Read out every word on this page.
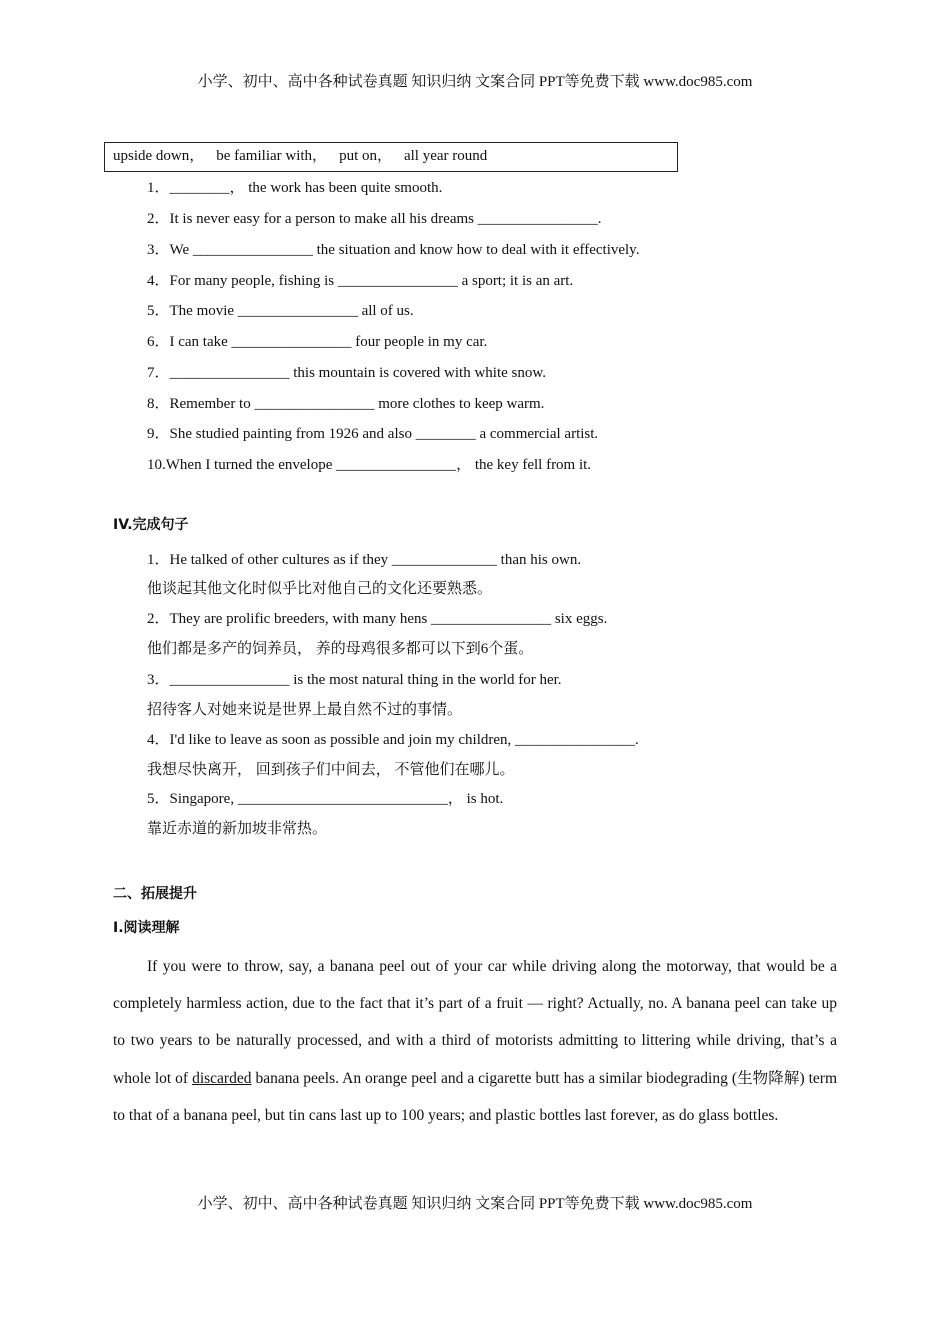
小学、初中、高中各种试卷真题 知识归纳 文案合同 PPT等免费下载 www.doc985.com
upside down， be familiar with， put on， all year round
1．________， the work has been quite smooth.
2．It is never easy for a person to make all his dreams ________________.
3．We ________________ the situation and know how to deal with it effectively.
4．For many people, fishing is ________________ a sport; it is an art.
5．The movie ________________ all of us.
6．I can take ________________ four people in my car.
7．________________ this mountain is covered with white snow.
8．Remember to ________________ more clothes to keep warm.
9．She studied painting from 1926 and also ________ a commercial artist.
10.When I turned the envelope ________________， the key fell from it.
IV.完成句子
1．He talked of other cultures as if they ______________ than his own.
他谈起其他文化时似乎比对他自己的文化还要熟悉。
2．They are prolific breeders, with many hens ________________ six eggs.
他们都是多产的饲养员， 养的母鸡很多都可以下到6个蛋。
3．________________ is the most natural thing in the world for her.
招待客人对她来说是世界上最自然不过的事情。
4．I'd like to leave as soon as possible and join my children, ________________.
我想尽快离开， 回到孩子们中间去， 不管他们在哪儿。
5．Singapore, ____________________________， is hot.
靠近赤道的新加坡非常热。
二、拓展提升
I.阅读理解
If you were to throw, say, a banana peel out of your car while driving along the motorway, that would be a completely harmless action, due to the fact that it’s part of a fruit — right? Actually, no. A banana peel can take up to two years to be naturally processed, and with a third of motorists admitting to littering while driving, that’s a whole lot of discarded banana peels. An orange peel and a cigarette butt has a similar biodegrading (生物降解) term to that of a banana peel, but tin cans last up to 100 years; and plastic bottles last forever, as do glass bottles.
小学、初中、高中各种试卷真题 知识归纳 文案合同 PPT等免费下载 www.doc985.com
